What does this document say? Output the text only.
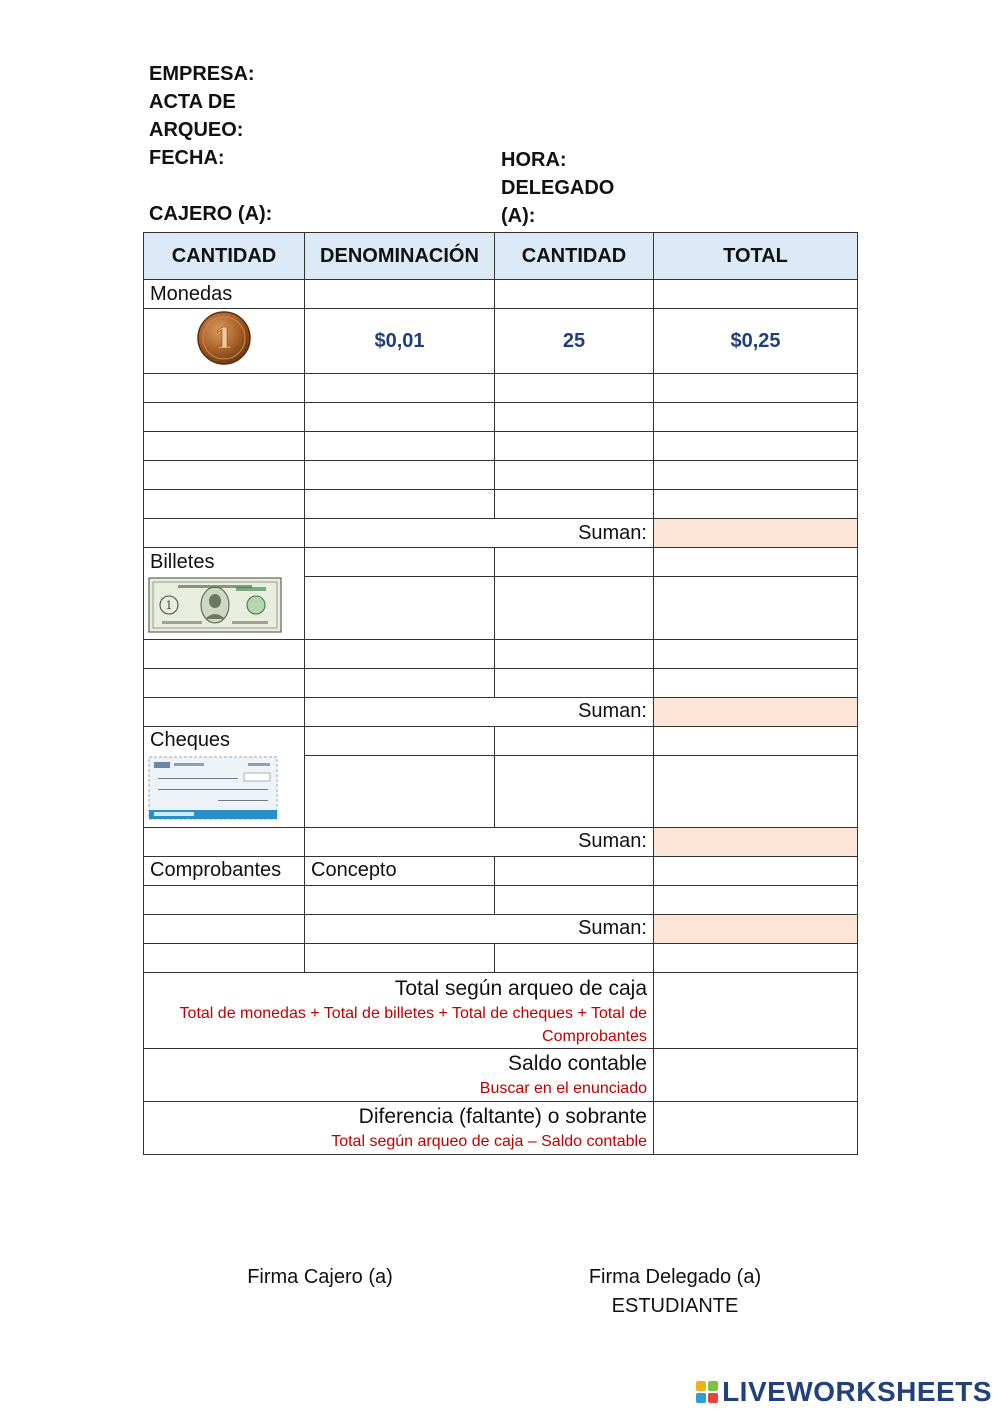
EMPRESA:
ACTA DE
ARQUEO:
FECHA:
CAJERO (A):
HORA:
DELEGADO
(A):
CANTIDAD	DENOMINACIÓN	CANTIDAD	TOTAL
Monedas			

1	$0,01	25	$0,25

	Suman:		
Billetes			

1			

	Suman:		
Cheques			

	Suman:		
Comprobantes	Concepto		

	Suman:		

Total según arqueo de caja
Total de monedas + Total de billetes + Total de cheques + Total de Comprobantes			

Saldo contable
Buscar en el enunciado			

Diferencia (faltante) o sobrante
Total según arqueo de caja – Saldo contable			

Firma Cajero (a)	Firma Delegado (a)
ESTUDIANTE
LIVEWORKSHEETS
